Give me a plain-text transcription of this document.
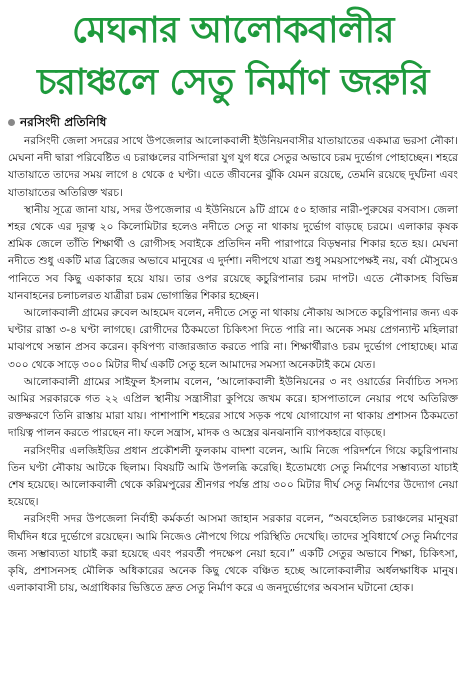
মেঘনার আলোকবালীর
চরাঞ্চলে সেতু নির্মাণ জরুরি
নরসিংদী প্রতিনিধি

নরসিংদী জেলা সদরের সাথে উপজেলার আলোকবালী ইউনিয়নবাসীর যাতায়াতের একমাত্র ভরসা নৌকা। মেঘনা নদী দ্বারা পরিবেষ্টিত এ চরাঞ্চলের বাসিন্দারা যুগ যুগ ধরে সেতুর অভাবে চরম দুর্ভোগ পোহাচ্ছেন। শহরে যাতায়াতে তাদের সময় লাগে ৪ থেকে ৫ ঘণ্টা। এতে জীবনের ঝুঁকি যেমন রয়েছে, তেমনি রয়েছে দুর্ঘটনা এবং যাতায়াতের অতিরিক্ত খরচ।

স্থানীয় সূত্রে জানা যায়, সদর উপজেলার এ ইউনিয়নে ৯টি গ্রামে ৫০ হাজার নারী-পুরুষের বসবাস। জেলা শহর থেকে এর দূরত্ব ২০ কিলোমিটার হলেও নদীতে সেতু না থাকায় দুর্ভোগ বাড়ছে চরমে। এলাকার কৃষক শ্রমিক জেলে তাঁতি শিক্ষার্থী ও রোগীসহ সবাইকে প্রতিদিন নদী পারাপারে বিড়ম্বনার শিকার হতে হয়। মেঘনা নদীতে শুধু একটি মাত্র ব্রিজের অভাবে মানুষের এ দুর্দশা। নদীপথে যাত্রা শুধু সময়সাপেক্ষই নয়, বর্ষা মৌসুমেও পানিতে সব কিছু একাকার হয়ে যায়। তার ওপর রয়েছে কচুরিপানার চরম দাপট। এতে নৌকাসহ বিভিন্ন যানবাহনের চলাচলরত যাত্রীরা চরম ভোগান্তির শিকার হচ্ছেন।

আলোকবালী গ্রামের রুবেল আহমেদ বলেন, নদীতে সেতু না থাকায় নৌকায় আসতে কচুরিপানার জন্য এক ঘণ্টার রাস্তা ৩-৪ ঘণ্টা লাগছে। রোগীদের ঠিকমতো চিকিৎসা দিতে পারি না। অনেক সময় প্রেগন্যান্ট মহিলারা মাঝপথে সন্তান প্রসব করেন। কৃষিপণ্য বাজারজাত করতে পারি না। শিক্ষার্থীরাও চরম দুর্ভোগ পোহাচ্ছে। মাত্র ৩০০ থেকে সাড়ে ৩০০ মিটার দীর্ঘ একটি সেতু হলে আমাদের সমস্যা অনেকটাই কমে যেত।

আলোকবালী গ্রামের সাইফুল ইসলাম বলেন, ‘আলোকবালী ইউনিয়নের ৩ নং ওয়ার্ডের নির্বাচিত সদস্য আমির সরকারকে গত ২২ এপ্রিল স্থানীয় সন্ত্রাসীরা কুপিয়ে জখম করে। হাসপাতালে নেয়ার পথে অতিরিক্ত রক্তক্ষরণে তিনি রাস্তায় মারা যায়। পাশাপাশি শহরের সাথে সড়ক পথে যোগাযোগ না থাকায় প্রশাসন ঠিকমতো দায়িত্ব পালন করতে পারছেন না। ফলে সন্ত্রাস, মাদক ও অস্ত্রের ঝনঝনানি ব্যাপকহারে বাড়ছে।

নরসিংদীর এলজিইডির প্রধান প্রকৌশলী ফুলকাম বাদশা বলেন, আমি নিজে পরিদর্শনে গিয়ে কচুরিপানায় তিন ঘণ্টা নৌকায় আটকে ছিলাম। বিষয়টি আমি উপলব্ধি করেছি। ইতোমধ্যে সেতু নির্মাণের সম্ভাব্যতা যাচাই শেষ হয়েছে। আলোকবালী থেকে করিমপুরের শ্রীনগর পর্যন্ত প্রায় ৩০০ মিটার দীর্ঘ সেতু নির্মাণের উদ্যোগ নেয়া হয়েছে।

নরসিংদী সদর উপজেলা নির্বাহী কর্মকর্তা আসমা জাহান সরকার বলেন, “অবহেলিত চরাঞ্চলের মানুষরা দীর্ঘদিন ধরে দুর্ভোগে রয়েছেন। আমি নিজেও নৌপথে গিয়ে পরিস্থিতি দেখেছি। তাদের সুবিধার্থে সেতু নির্মাণের জন্য সম্ভাব্যতা যাচাই করা হয়েছে এবং পরবর্তী পদক্ষেপ নেয়া হবে।” একটি সেতুর অভাবে শিক্ষা, চিকিৎসা, কৃষি, প্রশাসনসহ মৌলিক অধিকারের অনেক কিছু থেকে বঞ্চিত হচ্ছে আলোকবালীর অর্ধলক্ষাধিক মানুষ। এলাকাবাসী চায়, অগ্রাধিকার ভিত্তিতে দ্রুত সেতু নির্মাণ করে এ জনদুর্ভোগের অবসান ঘটানো হোক।
